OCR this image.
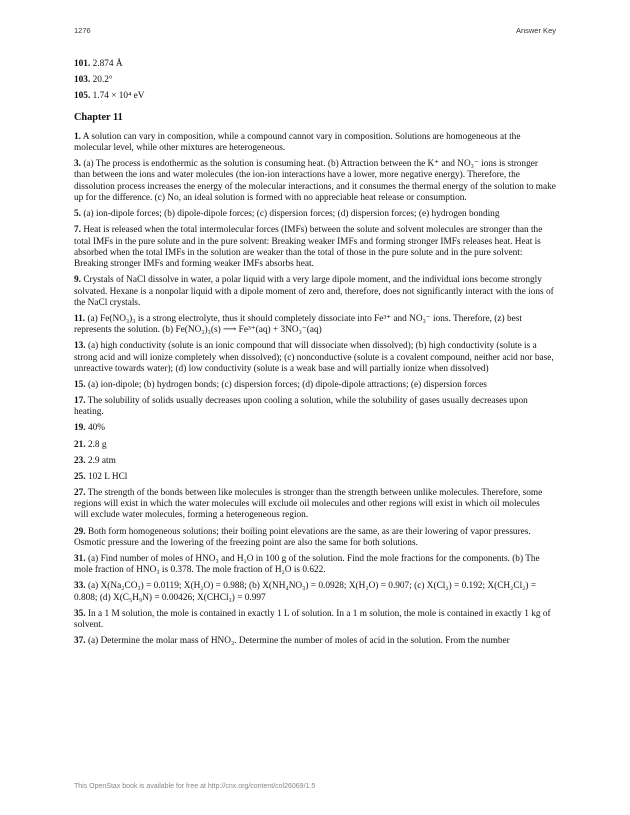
1276	Answer Key

101. 2.874 Å

103. 20.2°

105. 1.74 × 10⁴ eV

Chapter 11

1. A solution can vary in composition, while a compound cannot vary in composition. Solutions are homogeneous at the molecular level, while other mixtures are heterogeneous.

3. (a) The process is endothermic as the solution is consuming heat. (b) Attraction between the K⁺ and NO₃⁻ ions is stronger than between the ions and water molecules (the ion-ion interactions have a lower, more negative energy). Therefore, the dissolution process increases the energy of the molecular interactions, and it consumes the thermal energy of the solution to make up for the difference. (c) No, an ideal solution is formed with no appreciable heat release or consumption.

5. (a) ion-dipole forces; (b) dipole-dipole forces; (c) dispersion forces; (d) dispersion forces; (e) hydrogen bonding

7. Heat is released when the total intermolecular forces (IMFs) between the solute and solvent molecules are stronger than the total IMFs in the pure solute and in the pure solvent: Breaking weaker IMFs and forming stronger IMFs releases heat. Heat is absorbed when the total IMFs in the solution are weaker than the total of those in the pure solute and in the pure solvent: Breaking stronger IMFs and forming weaker IMFs absorbs heat.

9. Crystals of NaCl dissolve in water, a polar liquid with a very large dipole moment, and the individual ions become strongly solvated. Hexane is a nonpolar liquid with a dipole moment of zero and, therefore, does not significantly interact with the ions of the NaCl crystals.

11. (a) Fe(NO₃)₃ is a strong electrolyte, thus it should completely dissociate into Fe³⁺ and NO₃⁻ ions. Therefore, (z) best represents the solution. (b) Fe(NO₃)₃(s) ⟶ Fe³⁺(aq) + 3NO₃⁻(aq)

13. (a) high conductivity (solute is an ionic compound that will dissociate when dissolved); (b) high conductivity (solute is a strong acid and will ionize completely when dissolved); (c) nonconductive (solute is a covalent compound, neither acid nor base, unreactive towards water); (d) low conductivity (solute is a weak base and will partially ionize when dissolved)

15. (a) ion-dipole; (b) hydrogen bonds; (c) dispersion forces; (d) dipole-dipole attractions; (e) dispersion forces

17. The solubility of solids usually decreases upon cooling a solution, while the solubility of gases usually decreases upon heating.

19. 40%

21. 2.8 g

23. 2.9 atm

25. 102 L HCl

27. The strength of the bonds between like molecules is stronger than the strength between unlike molecules. Therefore, some regions will exist in which the water molecules will exclude oil molecules and other regions will exist in which oil molecules will exclude water molecules, forming a heterogeneous region.

29. Both form homogeneous solutions; their boiling point elevations are the same, as are their lowering of vapor pressures. Osmotic pressure and the lowering of the freezing point are also the same for both solutions.

31. (a) Find number of moles of HNO₃ and H₂O in 100 g of the solution. Find the mole fractions for the components. (b) The mole fraction of HNO₃ is 0.378. The mole fraction of H₂O is 0.622.

33. (a) X(Na₂CO₃) = 0.0119; X(H₂O) = 0.988; (b) X(NH₄NO₃) = 0.0928; X(H₂O) = 0.907; (c) X(Cl₂) = 0.192; X(CH₂Cl₂) = 0.808; (d) X(C₅H₉N) = 0.00426; X(CHCl₃) = 0.997

35. In a 1 M solution, the mole is contained in exactly 1 L of solution. In a 1 m solution, the mole is contained in exactly 1 kg of solvent.

37. (a) Determine the molar mass of HNO₃. Determine the number of moles of acid in the solution. From the number

This OpenStax book is available for free at http://cnx.org/content/col26069/1.5
